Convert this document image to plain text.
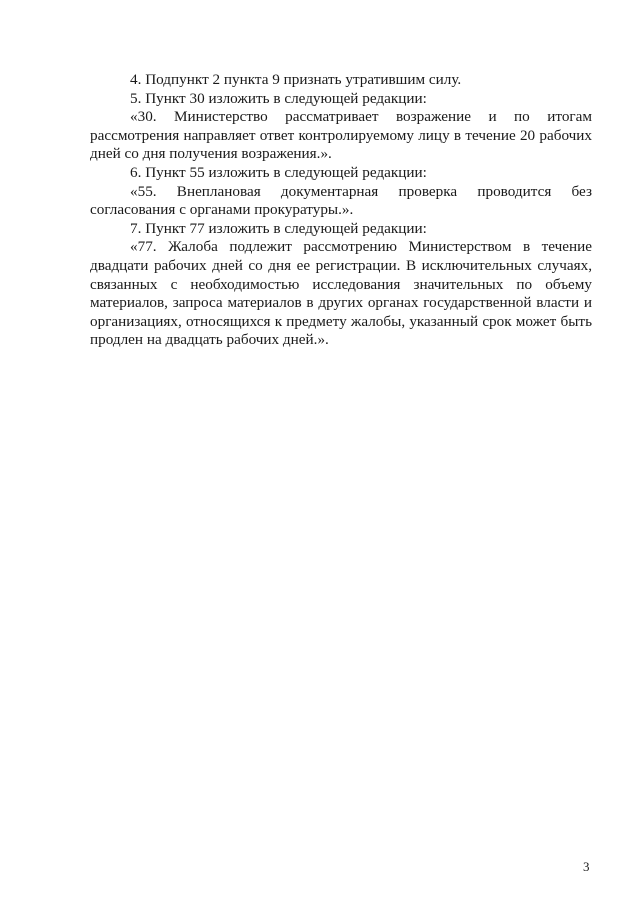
4. Подпункт 2 пункта 9 признать утратившим силу.

5. Пункт 30 изложить в следующей редакции:

«30. Министерство рассматривает возражение и по итогам рассмотрения направляет ответ контролируемому лицу в течение 20 рабочих дней со дня получения возражения.».

6. Пункт 55 изложить в следующей редакции:

«55. Внеплановая документарная проверка проводится без согласования с органами прокуратуры.».

7. Пункт 77 изложить в следующей редакции:

«77. Жалоба подлежит рассмотрению Министерством в течение двадцати рабочих дней со дня ее регистрации. В исключительных случаях, связанных с необходимостью исследования значительных по объему материалов, запроса материалов в других органах государственной власти и организациях, относящихся к предмету жалобы, указанный срок может быть продлен на двадцать рабочих дней.».

3
